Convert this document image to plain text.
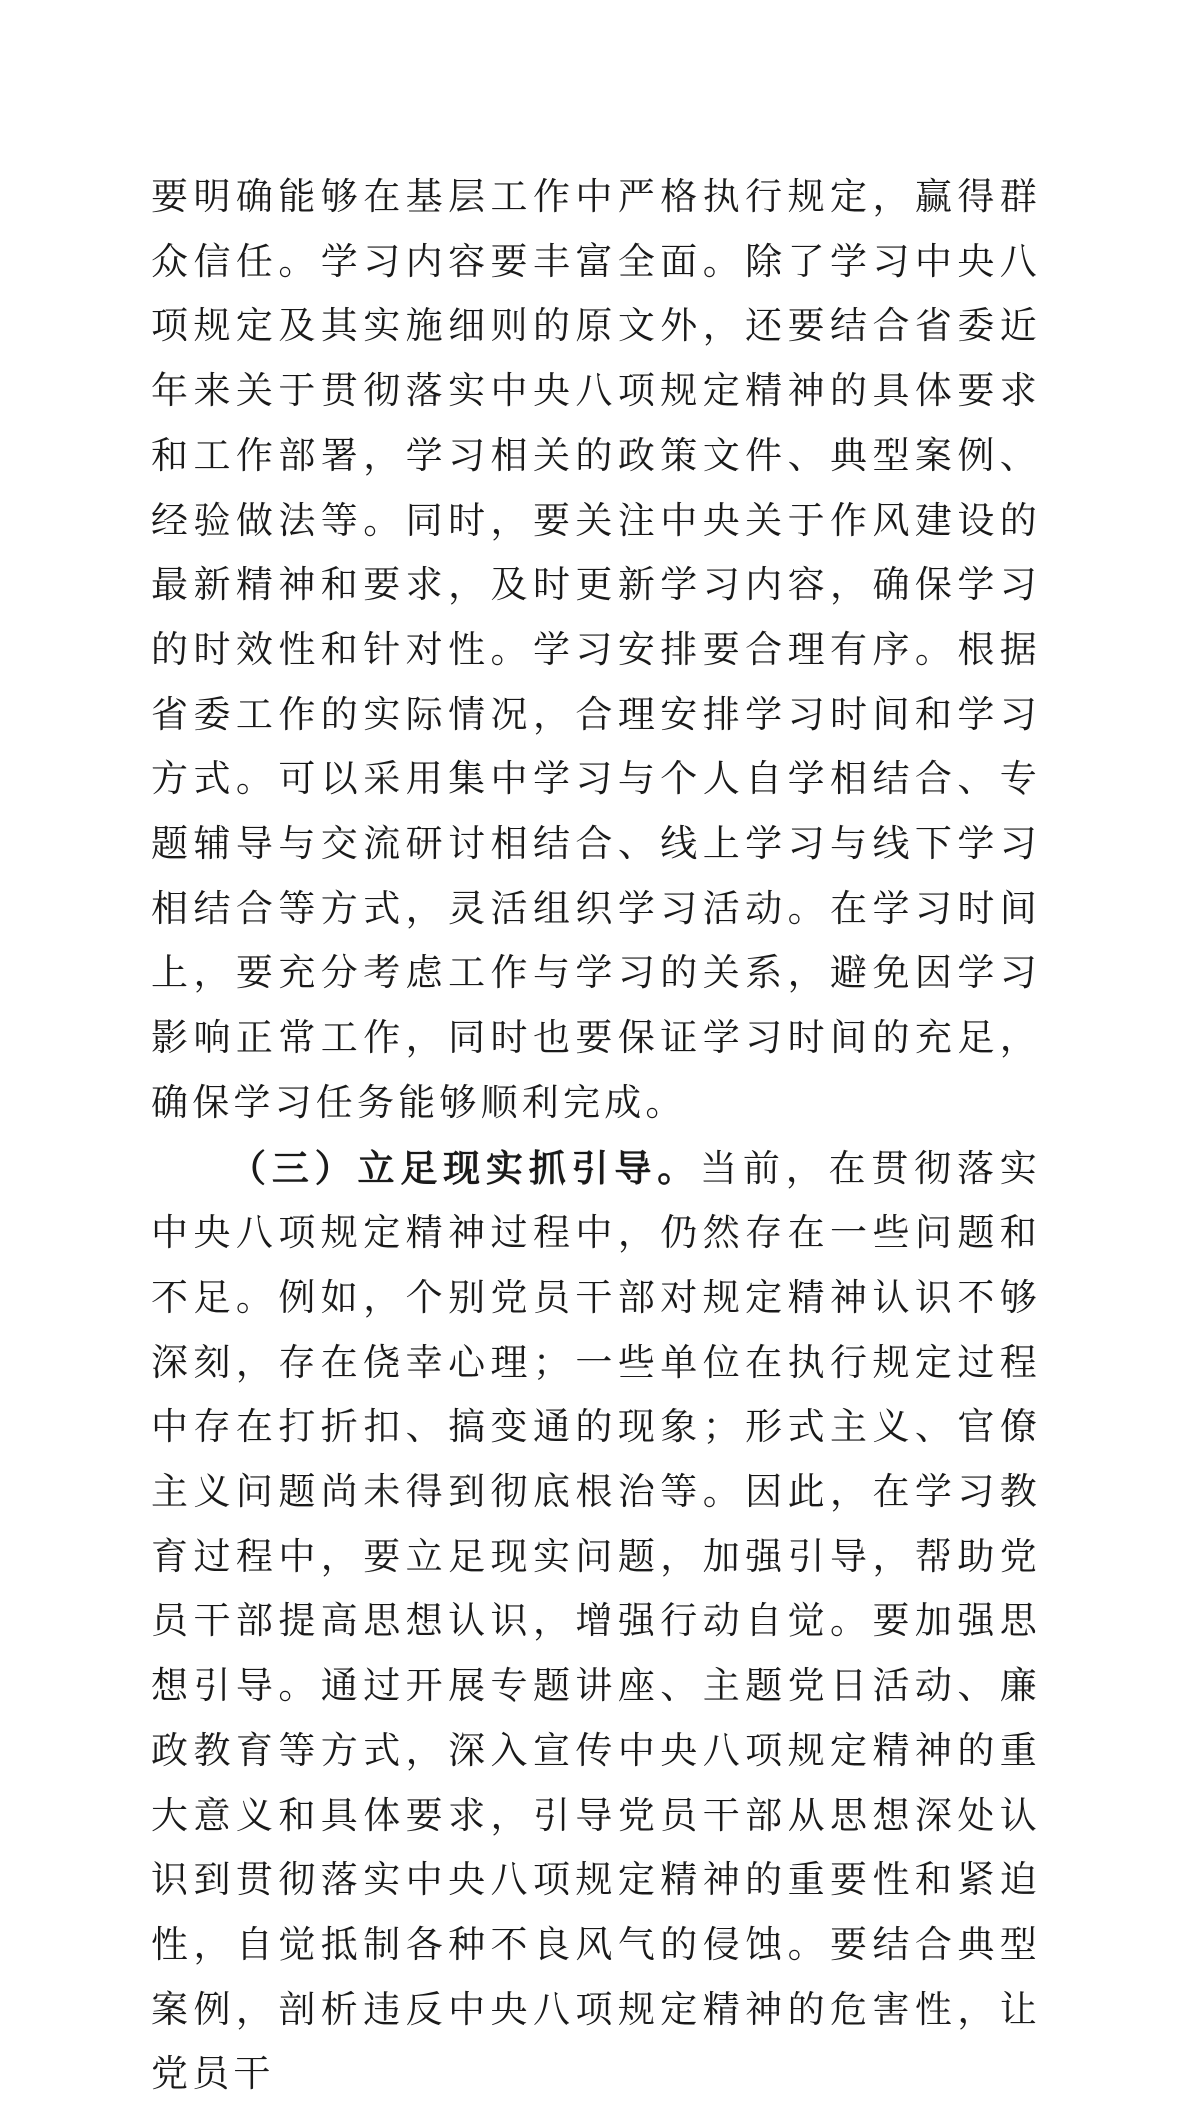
要明确能够在基层工作中严格执行规定，赢得群众信任。学习内容要丰富全面。除了学习中央八项规定及其实施细则的原文外，还要结合省委近年来关于贯彻落实中央八项规定精神的具体要求和工作部署，学习相关的政策文件、典型案例、经验做法等。同时，要关注中央关于作风建设的最新精神和要求，及时更新学习内容，确保学习的时效性和针对性。学习安排要合理有序。根据省委工作的实际情况，合理安排学习时间和学习方式。可以采用集中学习与个人自学相结合、专题辅导与交流研讨相结合、线上学习与线下学习相结合等方式，灵活组织学习活动。在学习时间上，要充分考虑工作与学习的关系，避免因学习影响正常工作，同时也要保证学习时间的充足，确保学习任务能够顺利完成。

（三）立足现实抓引导。当前，在贯彻落实中央八项规定精神过程中，仍然存在一些问题和不足。例如，个别党员干部对规定精神认识不够深刻，存在侥幸心理；一些单位在执行规定过程中存在打折扣、搞变通的现象；形式主义、官僚主义问题尚未得到彻底根治等。因此，在学习教育过程中，要立足现实问题，加强引导，帮助党员干部提高思想认识，增强行动自觉。要加强思想引导。通过开展专题讲座、主题党日活动、廉政教育等方式，深入宣传中央八项规定精神的重大意义和具体要求，引导党员干部从思想深处认识到贯彻落实中央八项规定精神的重要性和紧迫性，自觉抵制各种不良风气的侵蚀。要结合典型案例，剖析违反中央八项规定精神的危害性，让党员干
